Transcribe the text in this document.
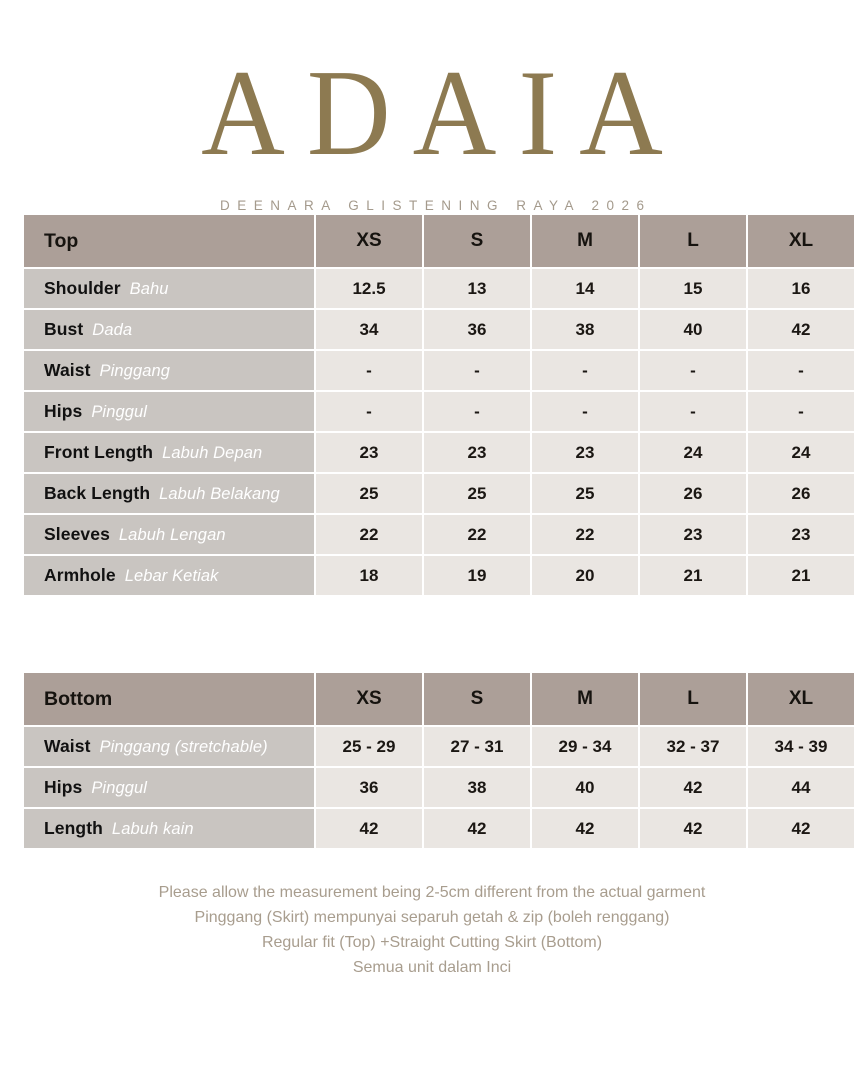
ADAIA
DEENARA GLISTENING RAYA 2026
Top	XS	S	M	L	XL
Shoulder Bahu	12.5	13	14	15	16
Bust Dada	34	36	38	40	42
Waist Pinggang	-	-	-	-	-
Hips Pinggul	-	-	-	-	-
Front Length Labuh Depan	23	23	23	24	24
Back Length Labuh Belakang	25	25	25	26	26
Sleeves Labuh Lengan	22	22	22	23	23
Armhole Lebar Ketiak	18	19	20	21	21
Bottom	XS	S	M	L	XL
Waist Pinggang (stretchable)	25 - 29	27 - 31	29 - 34	32 - 37	34 - 39
Hips Pinggul	36	38	40	42	44
Length Labuh kain	42	42	42	42	42
Please allow the measurement being 2-5cm different from the actual garment
Pinggang (Skirt) mempunyai separuh getah & zip (boleh renggang)
Regular fit (Top) +Straight Cutting Skirt (Bottom)
Semua unit dalam Inci
